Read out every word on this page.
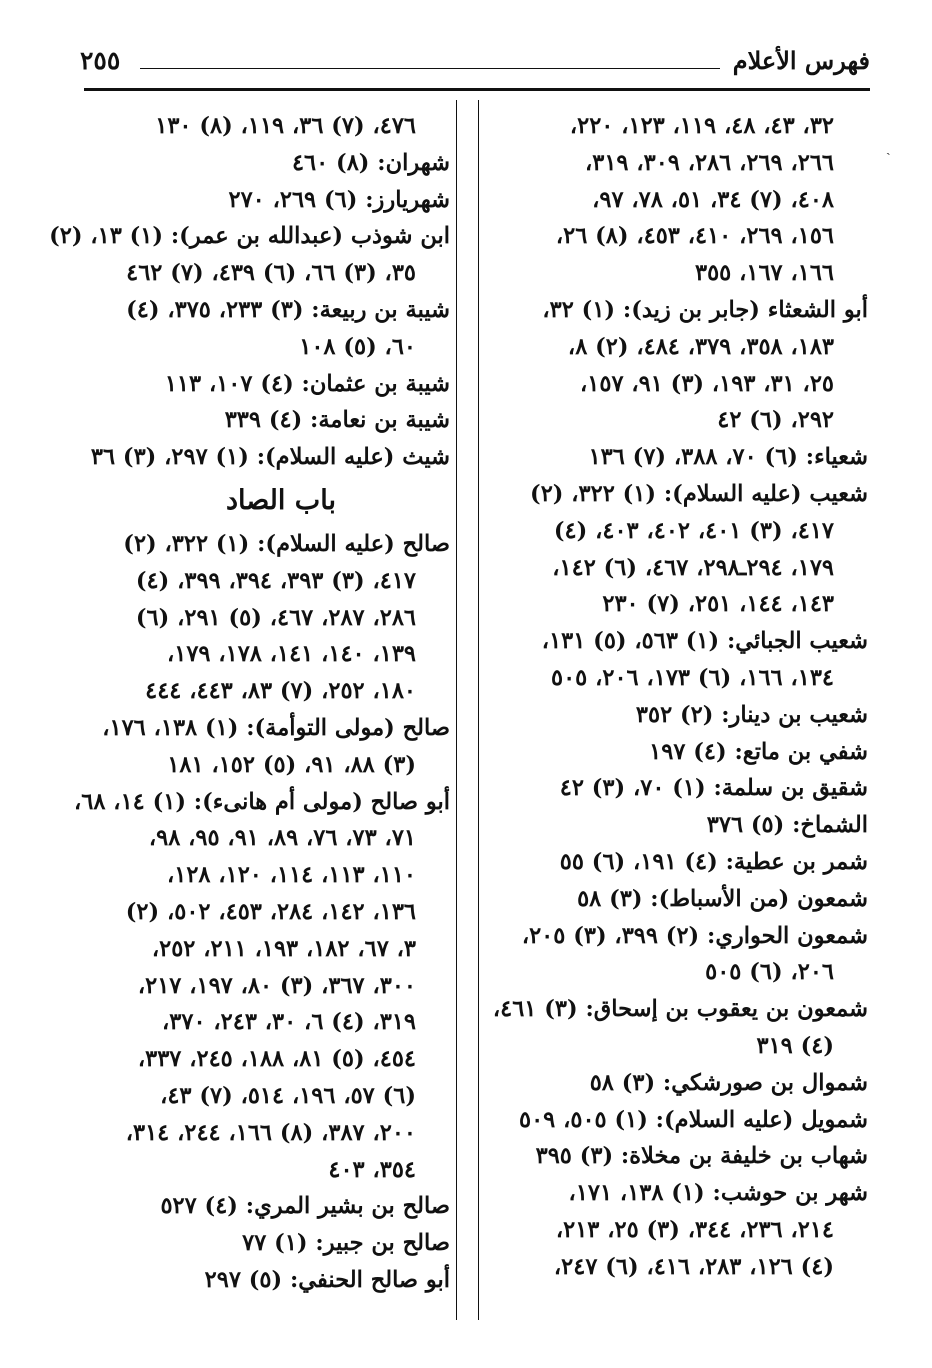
فهرس الأعلام
٢٥٥
ˎ
٣٢، ٤٣، ٤٨، ١١٩، ١٢٣، ٢٢٠،
٢٦٦، ٢٦٩، ٢٨٦، ٣٠٩، ٣١٩،
٤٠٨، (٧) ٣٤، ٥١، ٧٨، ٩٧،
١٥٦، ٢٦٩، ٤١٠، ٤٥٣، (٨) ٢٦،
١٦٦، ١٦٧، ٣٥٥
أبو الشعثاء (جابر بن زيد): (١) ٣٢،
١٨٣، ٣٥٨، ٣٧٩، ٤٨٤، (٢) ٨،
٢٥، ٣١، ١٩٣، (٣) ٩١، ١٥٧،
٢٩٢، (٦) ٤٢
شعياء: (٦) ٧٠، ٣٨٨، (٧) ١٣٦
شعيب (عليه السلام): (١) ٣٢٢، (٢)
٤١٧، (٣) ٤٠١، ٤٠٢، ٤٠٣، (٤)
١٧٩، ٢٩٤ـ٢٩٨، ٤٦٧، (٦) ١٤٢،
١٤٣، ١٤٤، ٢٥١، (٧) ٢٣٠
شعيب الجبائي: (١) ٥٦٣، (٥) ١٣١،
١٣٤، ١٦٦، (٦) ١٧٣، ٢٠٦، ٥٠٥
شعيب بن دينار: (٢) ٣٥٢
شفي بن ماتع: (٤) ١٩٧
شقيق بن سلمة: (١) ٧٠، (٣) ٤٢
الشماخ: (٥) ٣٧٦
شمر بن عطية: (٤) ١٩١، (٦) ٥٥
شمعون (من الأسباط): (٣) ٥٨
شمعون الحواري: (٢) ٣٩٩، (٣) ٢٠٥،
٢٠٦، (٦) ٥٠٥
شمعون بن يعقوب بن إسحاق: (٣) ٤٦١،
(٤) ٣١٩
شموال بن صورشكي: (٣) ٥٨
شمويل (عليه السلام): (١) ٥٠٥، ٥٠٩
شهاب بن خليفة بن مخلاة: (٣) ٣٩٥
شهر بن حوشب: (١) ١٣٨، ١٧١،
٢١٤، ٢٣٦، ٣٤٤، (٣) ٢٥، ٢١٣،
(٤) ١٢٦، ٢٨٣، ٤١٦، (٦) ٢٤٧،
٤٧٦، (٧) ٣٦، ١١٩، (٨) ١٣٠
شهران: (٨) ٤٦٠
شهريارز: (٦) ٢٦٩، ٢٧٠
ابن شوذب (عبدالله بن عمر): (١) ١٣، (٢)
٣٥، (٣) ٦٦، (٦) ٤٣٩، (٧) ٤٦٢
شيبة بن ربيعة: (٣) ٢٣٣، ٣٧٥، (٤)
٦٠، (٥) ١٠٨
شيبة بن عثمان: (٤) ١٠٧، ١١٣
شيبة بن نعامة: (٤) ٣٣٩
شيث (عليه السلام): (١) ٢٩٧، (٣) ٣٦
باب الصاد
صالح (عليه السلام): (١) ٣٢٢، (٢)
٤١٧، (٣) ٣٩٣، ٣٩٤، ٣٩٩، (٤)
٢٨٦، ٢٨٧، ٤٦٧، (٥) ٢٩١، (٦)
١٣٩، ١٤٠، ١٤١، ١٧٨، ١٧٩،
١٨٠، ٢٥٢، (٧) ٨٣، ٤٤٣، ٤٤٤
صالح (مولى التوأمة): (١) ١٣٨، ١٧٦،
(٣) ٨٨، ٩١، (٥) ١٥٢، ١٨١
أبو صالح (مولى أم هانىء): (١) ١٤، ٦٨،
٧١، ٧٣، ٧٦، ٨٩، ٩١، ٩٥، ٩٨،
١١٠، ١١٣، ١١٤، ١٢٠، ١٢٨،
١٣٦، ١٤٢، ٢٨٤، ٤٥٣، ٥٠٢، (٢)
٣، ٦٧، ١٨٢، ١٩٣، ٢١١، ٢٥٢،
٣٠٠، ٣٦٧، (٣) ٨٠، ١٩٧، ٢١٧،
٣١٩، (٤) ٦، ٣٠، ٢٤٣، ٣٧٠،
٤٥٤، (٥) ٨١، ١٨٨، ٢٤٥، ٣٣٧،
(٦) ٥٧، ١٩٦، ٥١٤، (٧) ٤٣،
٢٠٠، ٣٨٧، (٨) ١٦٦، ٢٤٤، ٣١٤،
٣٥٤، ٤٠٣
صالح بن بشير المري: (٤) ٥٢٧
صالح بن جبير: (١) ٧٧
أبو صالح الحنفي: (٥) ٢٩٧
